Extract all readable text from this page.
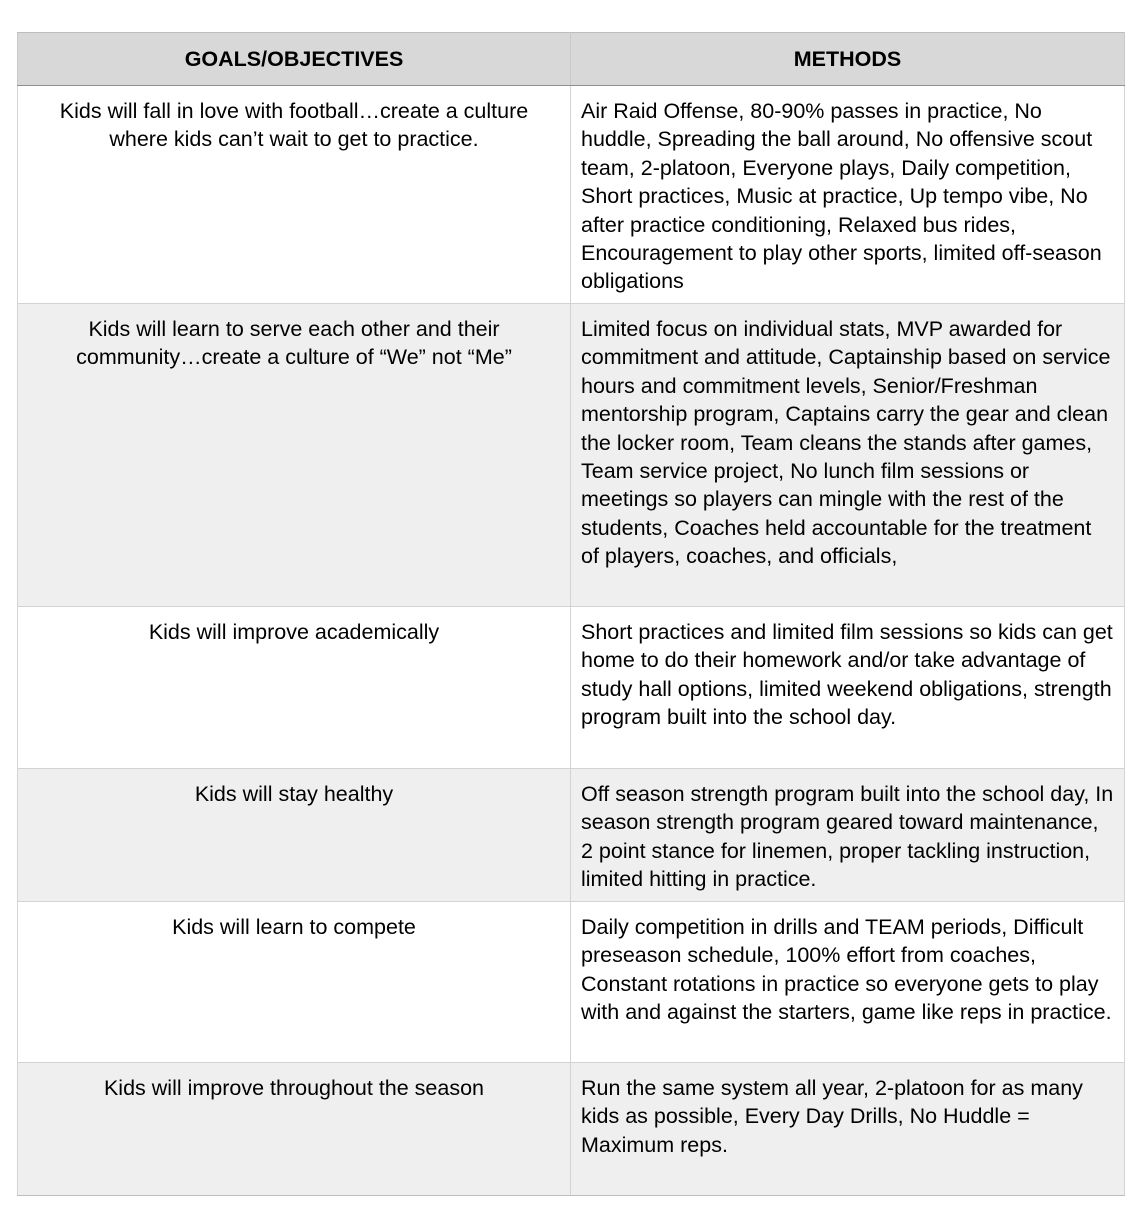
GOALS/OBJECTIVES	METHODS
Kids will fall in love with football…create a culture where kids can’t wait to get to practice.	Air Raid Offense, 80-90% passes in practice, No huddle, Spreading the ball around, No offensive scout team, 2-platoon, Everyone plays, Daily competition, Short practices, Music at practice, Up tempo vibe, No after practice conditioning, Relaxed bus rides, Encouragement to play other sports, limited off-season obligations
Kids will learn to serve each other and their community…create a culture of “We” not “Me”	Limited focus on individual stats, MVP awarded for commitment and attitude, Captainship based on service hours and commitment levels, Senior/Freshman mentorship program, Captains carry the gear and clean the locker room, Team cleans the stands after games, Team service project, No lunch film sessions or meetings so players can mingle with the rest of the students, Coaches held accountable for the treatment of players, coaches, and officials,
Kids will improve academically	Short practices and limited film sessions so kids can get home to do their homework and/or take advantage of study hall options, limited weekend obligations, strength program built into the school day.
Kids will stay healthy	Off season strength program built into the school day, In season strength program geared toward maintenance, 2 point stance for linemen, proper tackling instruction, limited hitting in practice.
Kids will learn to compete	Daily competition in drills and TEAM periods, Difficult preseason schedule, 100% effort from coaches, Constant rotations in practice so everyone gets to play with and against the starters, game like reps in practice.
Kids will improve throughout the season	Run the same system all year, 2-platoon for as many kids as possible, Every Day Drills, No Huddle = Maximum reps.
